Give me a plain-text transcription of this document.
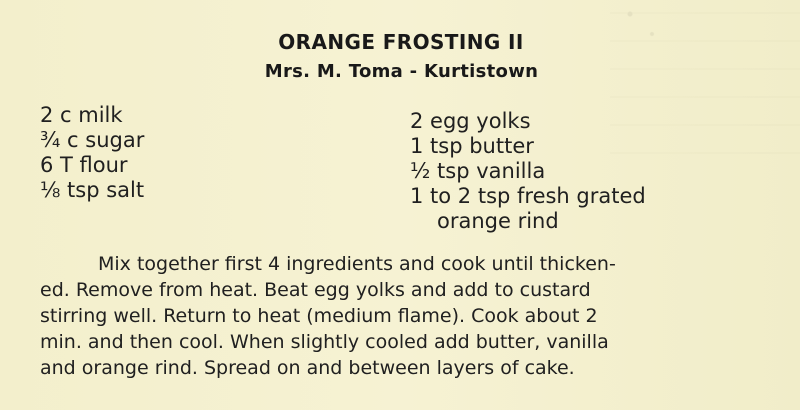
ORANGE FROSTING II
Mrs. M. Toma - Kurtistown
2 c milk
¾ c sugar
6 T flour
⅛ tsp salt
2 egg yolks
1 tsp butter
½ tsp vanilla
1 to 2 tsp fresh grated
orange rind
Mix together first 4 ingredients and cook until thicken-
ed. Remove from heat. Beat egg yolks and add to custard
stirring well. Return to heat (medium flame). Cook about 2
min. and then cool. When slightly cooled add butter, vanilla
and orange rind. Spread on and between layers of cake.
